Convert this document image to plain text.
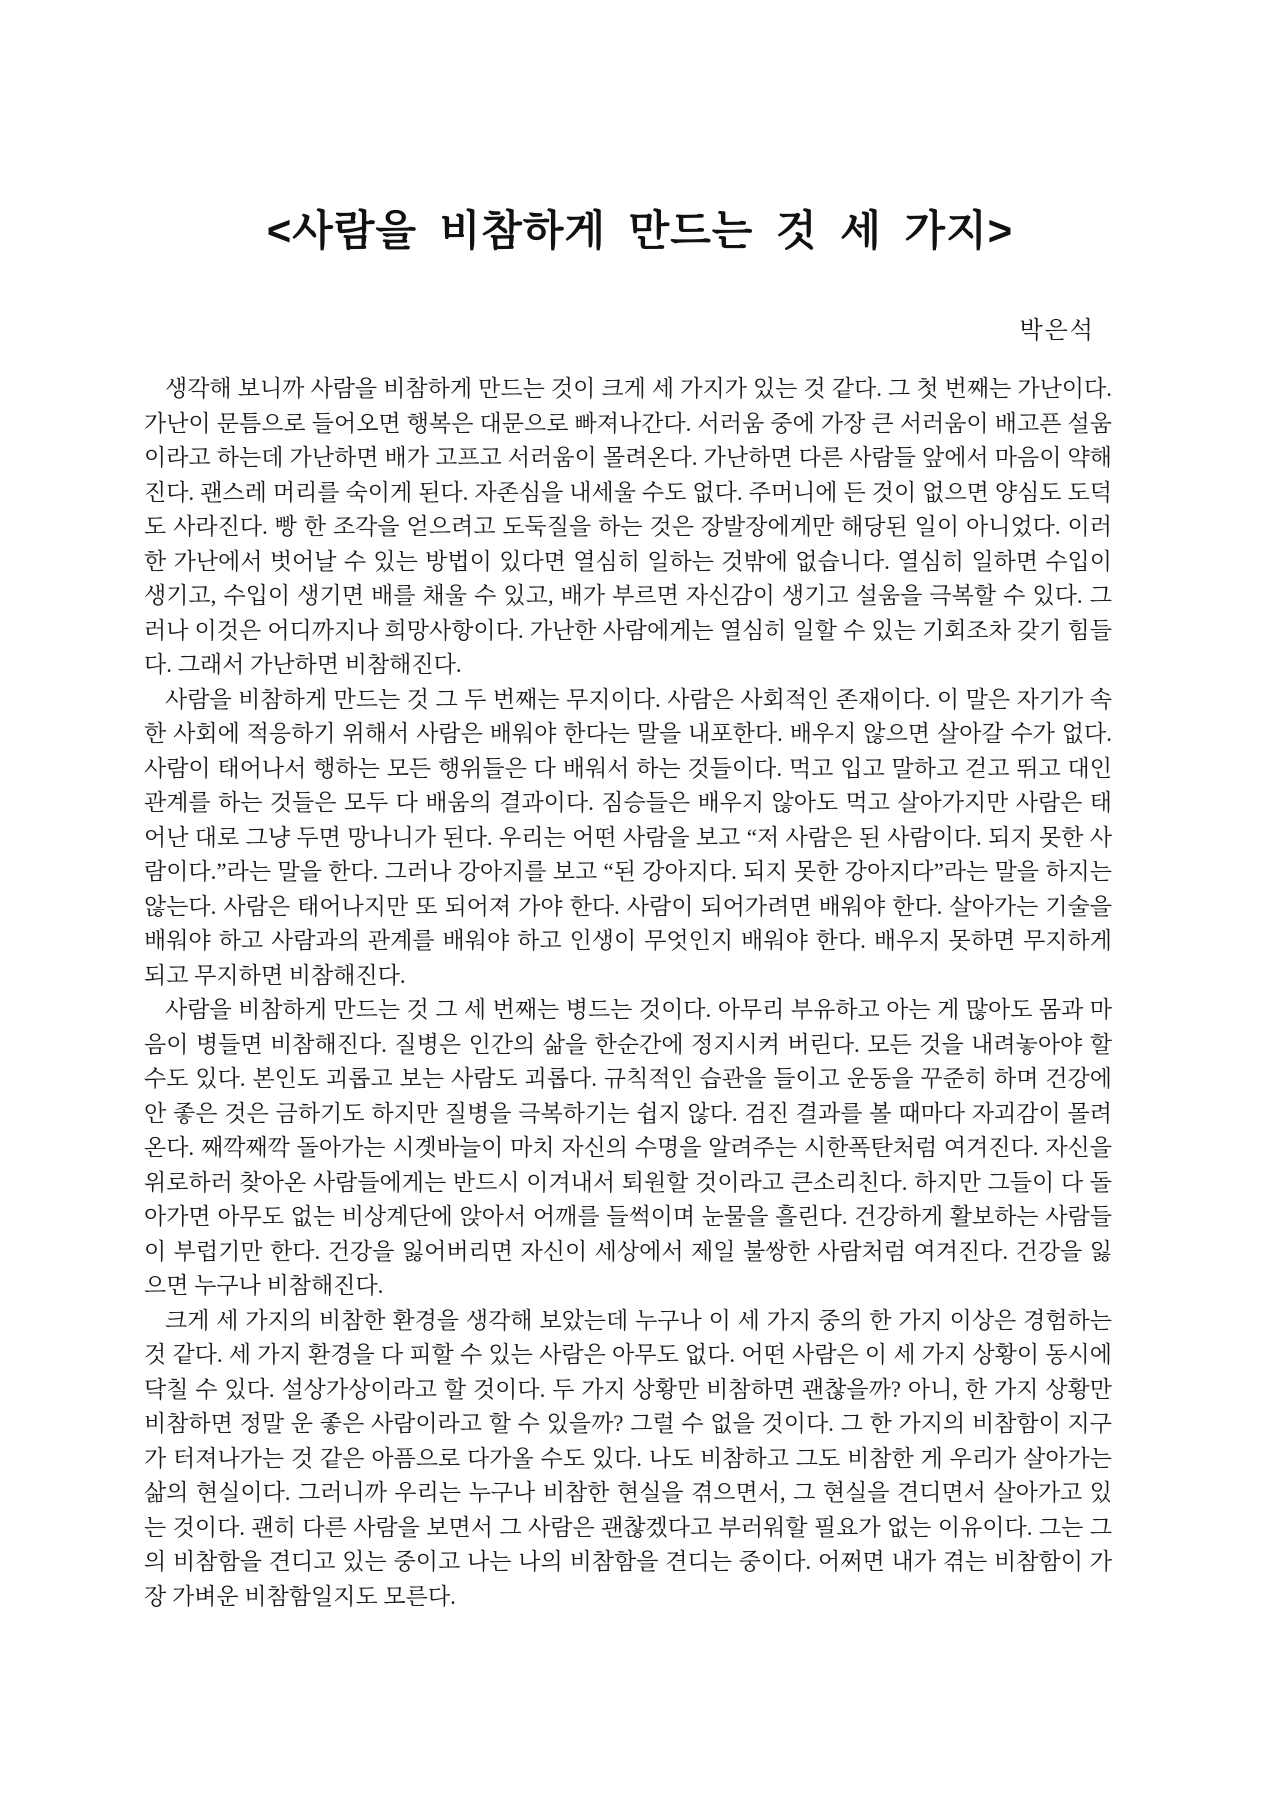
<사람을 비참하게 만드는 것 세 가지>
박은석

생각해 보니까 사람을 비참하게 만드는 것이 크게 세 가지가 있는 것 같다. 그 첫 번째는 가난이다. 가난이 문틈으로 들어오면 행복은 대문으로 빠져나간다. 서러움 중에 가장 큰 서러움이 배고픈 설움이라고 하는데 가난하면 배가 고프고 서러움이 몰려온다. 가난하면 다른 사람들 앞에서 마음이 약해진다. 괜스레 머리를 숙이게 된다. 자존심을 내세울 수도 없다. 주머니에 든 것이 없으면 양심도 도덕도 사라진다. 빵 한 조각을 얻으려고 도둑질을 하는 것은 장발장에게만 해당된 일이 아니었다. 이러한 가난에서 벗어날 수 있는 방법이 있다면 열심히 일하는 것밖에 없습니다. 열심히 일하면 수입이 생기고, 수입이 생기면 배를 채울 수 있고, 배가 부르면 자신감이 생기고 설움을 극복할 수 있다. 그러나 이것은 어디까지나 희망사항이다. 가난한 사람에게는 열심히 일할 수 있는 기회조차 갖기 힘들다. 그래서 가난하면 비참해진다.

사람을 비참하게 만드는 것 그 두 번째는 무지이다. 사람은 사회적인 존재이다. 이 말은 자기가 속한 사회에 적응하기 위해서 사람은 배워야 한다는 말을 내포한다. 배우지 않으면 살아갈 수가 없다. 사람이 태어나서 행하는 모든 행위들은 다 배워서 하는 것들이다. 먹고 입고 말하고 걷고 뛰고 대인관계를 하는 것들은 모두 다 배움의 결과이다. 짐승들은 배우지 않아도 먹고 살아가지만 사람은 태어난 대로 그냥 두면 망나니가 된다. 우리는 어떤 사람을 보고 “저 사람은 된 사람이다. 되지 못한 사람이다.”라는 말을 한다. 그러나 강아지를 보고 “된 강아지다. 되지 못한 강아지다”라는 말을 하지는 않는다. 사람은 태어나지만 또 되어져 가야 한다. 사람이 되어가려면 배워야 한다. 살아가는 기술을 배워야 하고 사람과의 관계를 배워야 하고 인생이 무엇인지 배워야 한다. 배우지 못하면 무지하게 되고 무지하면 비참해진다.

사람을 비참하게 만드는 것 그 세 번째는 병드는 것이다. 아무리 부유하고 아는 게 많아도 몸과 마음이 병들면 비참해진다. 질병은 인간의 삶을 한순간에 정지시켜 버린다. 모든 것을 내려놓아야 할 수도 있다. 본인도 괴롭고 보는 사람도 괴롭다. 규칙적인 습관을 들이고 운동을 꾸준히 하며 건강에 안 좋은 것은 금하기도 하지만 질병을 극복하기는 쉽지 않다. 검진 결과를 볼 때마다 자괴감이 몰려온다. 째깍째깍 돌아가는 시곗바늘이 마치 자신의 수명을 알려주는 시한폭탄처럼 여겨진다. 자신을 위로하러 찾아온 사람들에게는 반드시 이겨내서 퇴원할 것이라고 큰소리친다. 하지만 그들이 다 돌아가면 아무도 없는 비상계단에 앉아서 어깨를 들썩이며 눈물을 흘린다. 건강하게 활보하는 사람들이 부럽기만 한다. 건강을 잃어버리면 자신이 세상에서 제일 불쌍한 사람처럼 여겨진다. 건강을 잃으면 누구나 비참해진다.

크게 세 가지의 비참한 환경을 생각해 보았는데 누구나 이 세 가지 중의 한 가지 이상은 경험하는 것 같다. 세 가지 환경을 다 피할 수 있는 사람은 아무도 없다. 어떤 사람은 이 세 가지 상황이 동시에 닥칠 수 있다. 설상가상이라고 할 것이다. 두 가지 상황만 비참하면 괜찮을까? 아니, 한 가지 상황만 비참하면 정말 운 좋은 사람이라고 할 수 있을까? 그럴 수 없을 것이다. 그 한 가지의 비참함이 지구가 터져나가는 것 같은 아픔으로 다가올 수도 있다. 나도 비참하고 그도 비참한 게 우리가 살아가는 삶의 현실이다. 그러니까 우리는 누구나 비참한 현실을 겪으면서, 그 현실을 견디면서 살아가고 있는 것이다. 괜히 다른 사람을 보면서 그 사람은 괜찮겠다고 부러워할 필요가 없는 이유이다. 그는 그의 비참함을 견디고 있는 중이고 나는 나의 비참함을 견디는 중이다. 어쩌면 내가 겪는 비참함이 가장 가벼운 비참함일지도 모른다.
